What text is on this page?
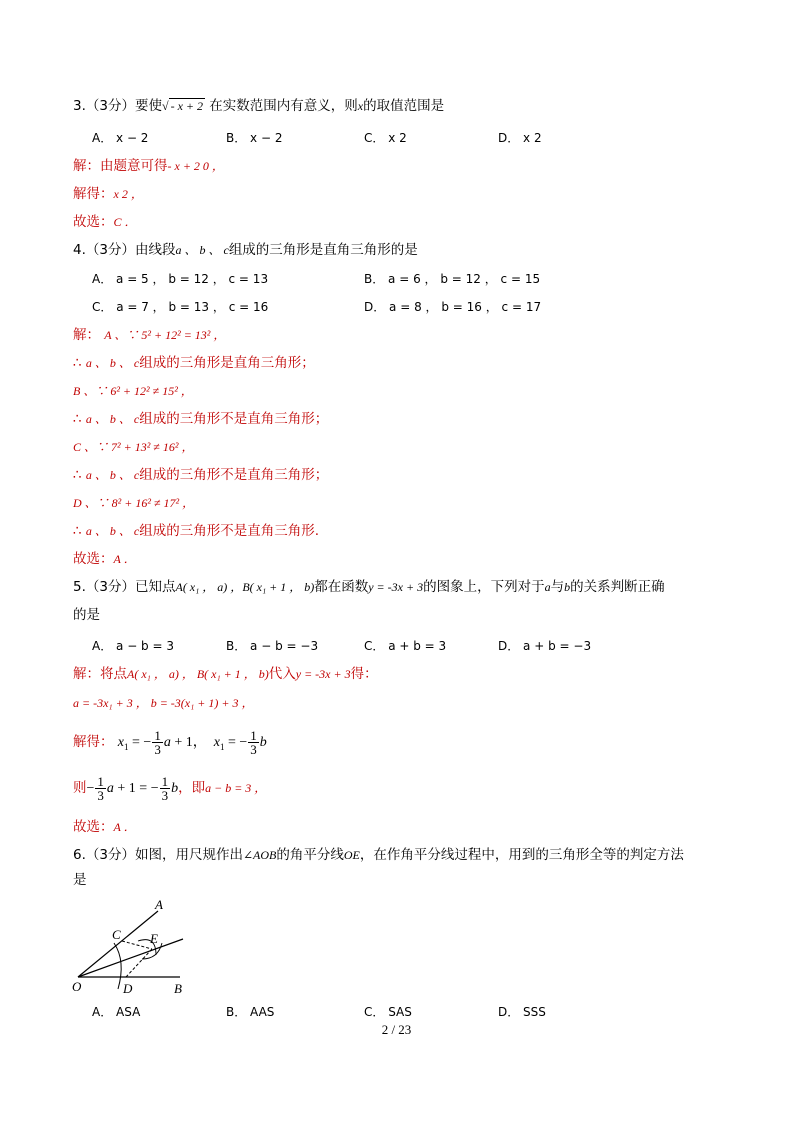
3.（3分）要使√ - x + 2 在实数范围内有意义，则x的取值范围是
A． x − 2	B． x − 2	C． x 2	D． x 2
解：由题意可得- x + 2 0 ，
解得：x 2 ，
故选：C ．
4.（3分）由线段a 、 b 、 c组成的三角形是直角三角形的是
A． a = 5 ， b = 12 ， c = 13	B． a = 6 ， b = 12 ， c = 15
C． a = 7 ， b = 13 ， c = 16	D． a = 8 ， b = 16 ， c = 17
解： A 、∵ 5² + 12² = 13² ，
∴ a 、 b 、 c组成的三角形是直角三角形；
B 、∵ 6² + 12² ≠ 15² ，
∴ a 、 b 、 c组成的三角形不是直角三角形；
C 、∵ 7² + 13² ≠ 16² ，
∴ a 、 b 、 c组成的三角形不是直角三角形；
D 、∵ 8² + 16² ≠ 17² ，
∴ a 、 b 、 c组成的三角形不是直角三角形.
故选：A ．
5.（3分）已知点A( x₁ ， a) ，B( x₁ + 1 ， b)都在函数y = -3x + 3的图象上，下列对于a与b的关系判断正确
的是
A． a − b = 3	B． a − b = −3	C． a + b = 3	D． a + b = −3
解：将点A( x₁ ， a) ， B( x₁ + 1 ， b)代入y = -3x + 3得：
a = -3x₁ + 3 ， b = -3(x₁ + 1) + 3 ，
解得： $x_1$ = − $\frac{1}{3}$ a + 1，  $x_1$ = − $\frac{1}{3}$ b
则− $\frac{1}{3}$ a + 1 = − $\frac{1}{3}$ b，即a − b = 3 ，
故选：A ．
6.（3分）如图，用尺规作出∠AOB的角平分线OE，在作角平分线过程中，用到的三角形全等的判定方法
是
A
B
C
D
E
O
A． ASA	B． AAS	C． SAS	D． SSS
2 / 23
